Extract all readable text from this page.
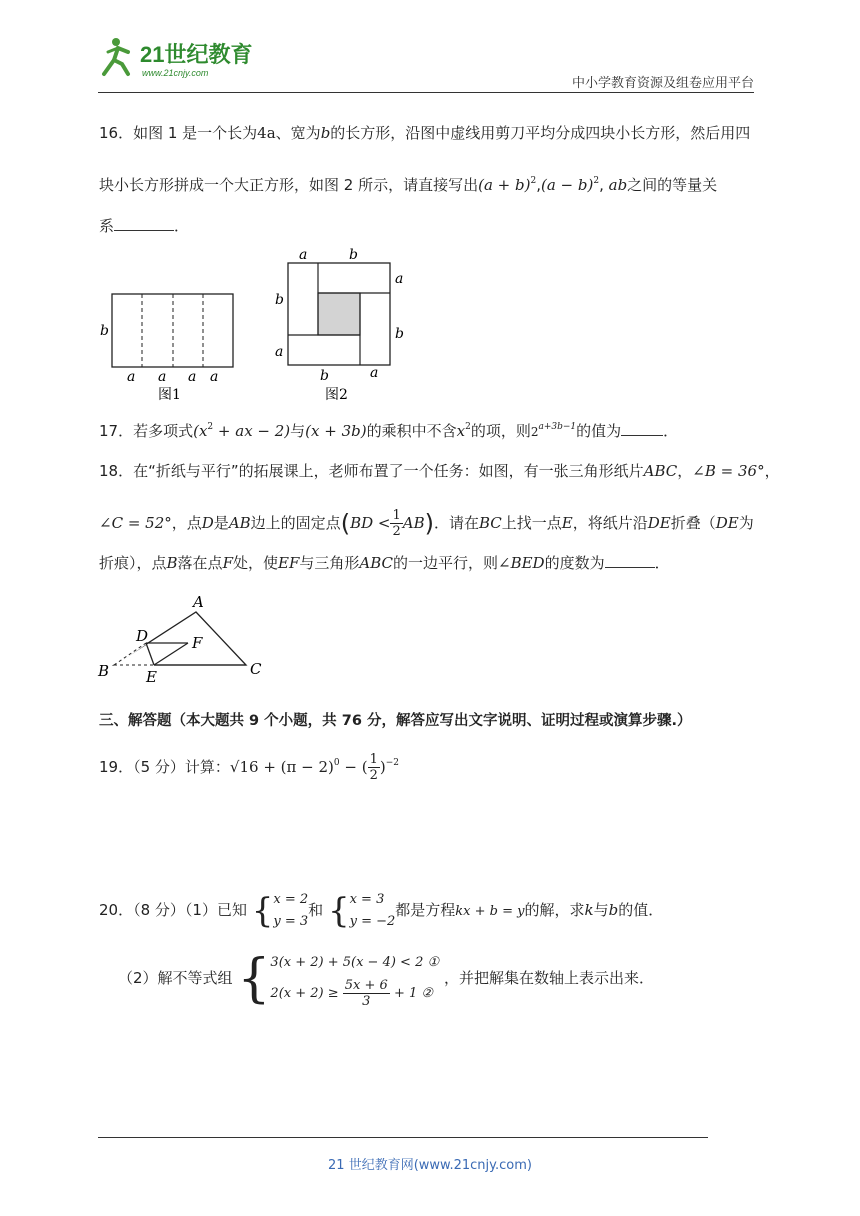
21世纪教育
www.21cnjy.com
中小学教育资源及组卷应用平台
16．如图 1 是一个长为4a、宽为b的长方形，沿图中虚线用剪刀平均分成四块小长方形，然后用四
块小长方形拼成一个大正方形，如图 2 所示，请直接写出$(a + b)^2,(a - b)^2$, ab之间的等量关
系	．
b
a a a a
图1
a	b
a
b
b
a
b	a
图2
17．若多项式($x^2$ + ax − 2)与(x + 3b)的乘积中不含$x^2$的项，则$2^{a+3b-1}$的值为	．
18．在“折纸与平行”的拓展课上，老师布置了一个任务：如图，有一张三角形纸片ABC，∠B = 36°，
∠C = 52°，点D是AB边上的固定点$(BD < \frac{1}{2} AB)$．请在BC上找一点E，将纸片沿DE折叠（DE为
折痕），点B落在点F处，使EF与三角形ABC的一边平行，则∠BED的度数为	．
A
B	C
D
E
F
三、解答题（本大题共 9 个小题，共 76 分，解答应写出文字说明、证明过程或演算步骤.）
19．（5 分）计算：$√16 + (\pi - 2)^0$ − ( $\frac{1}{2} )^{-2}$
20．（8 分）（1）已知 { x = 2
y = 3
和 { x = 3
y = −2
都是方程kx + b = y的解，求k与b的值．
（2）解不等式组 { 3(x + 2) + 5(x − 4) < 2 ①
2(x + 2) ≥
$\frac{5x + 6}{3}$
+ 1 ②
，并把解集在数轴上表示出来．
21 世纪教育网(www.21cnjy.com)
